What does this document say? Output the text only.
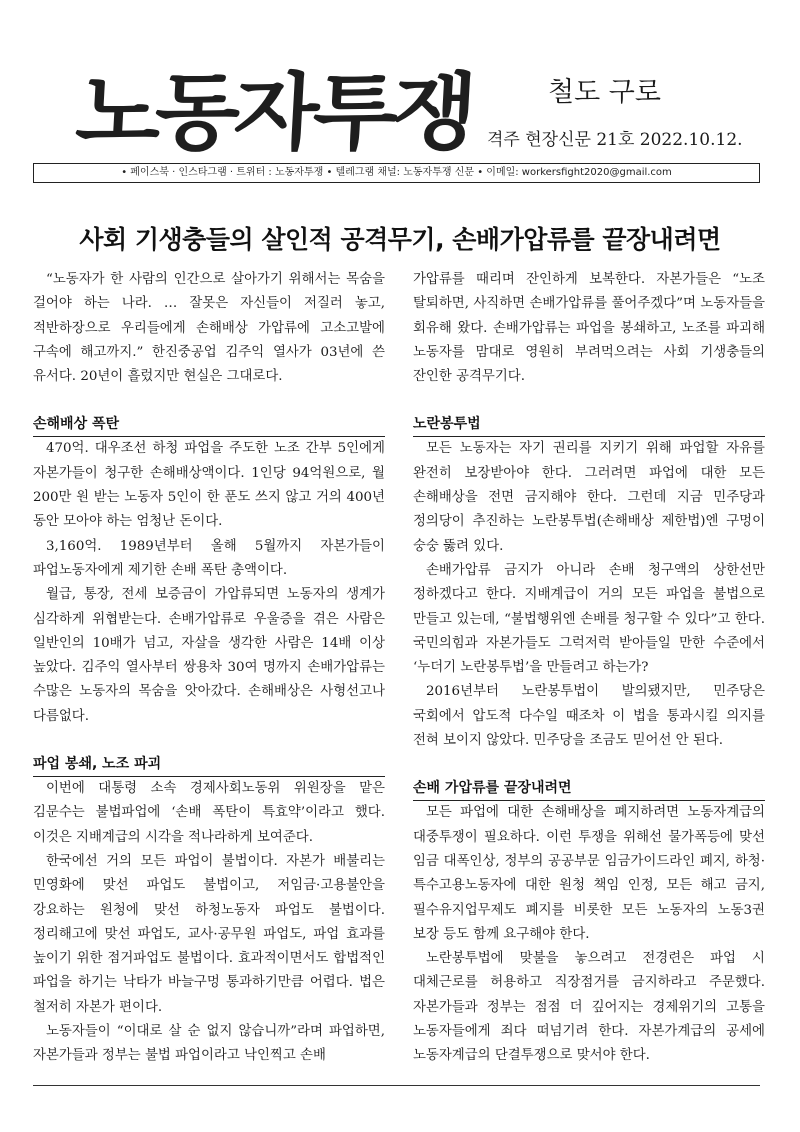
노동자투쟁	철도 구로
격주 현장신문 21호 2022.10.12.
• 페이스북 · 인스타그램 · 트위터 : 노동자투쟁 • 텔레그램 채널: 노동자투쟁 신문 • 이메일: workersfight2020@gmail.com
사회 기생충들의 살인적 공격무기, 손배가압류를 끝장내려면

“노동자가 한 사람의 인간으로 살아가기 위해서는 목숨을 걸어야 하는 나라. … 잘못은 자신들이 저질러 놓고, 적반하장으로 우리들에게 손해배상 가압류에 고소고발에 구속에 해고까지.” 한진중공업 김주익 열사가 03년에 쓴 유서다. 20년이 흘렀지만 현실은 그대로다.

손해배상 폭탄

470억. 대우조선 하청 파업을 주도한 노조 간부 5인에게 자본가들이 청구한 손해배상액이다. 1인당 94억원으로, 월 200만 원 받는 노동자 5인이 한 푼도 쓰지 않고 거의 400년 동안 모아야 하는 엄청난 돈이다.

3,160억. 1989년부터 올해 5월까지 자본가들이 파업노동자에게 제기한 손배 폭탄 총액이다.

월급, 통장, 전세 보증금이 가압류되면 노동자의 생계가 심각하게 위협받는다. 손배가압류로 우울증을 겪은 사람은 일반인의 10배가 넘고, 자살을 생각한 사람은 14배 이상 높았다. 김주익 열사부터 쌍용차 30여 명까지 손배가압류는 수많은 노동자의 목숨을 앗아갔다. 손해배상은 사형선고나 다름없다.

파업 봉쇄, 노조 파괴

이번에 대통령 소속 경제사회노동위 위원장을 맡은 김문수는 불법파업에 ‘손배 폭탄이 특효약’이라고 했다. 이것은 지배계급의 시각을 적나라하게 보여준다.

한국에선 거의 모든 파업이 불법이다. 자본가 배불리는 민영화에 맞선 파업도 불법이고, 저임금·고용불안을 강요하는 원청에 맞선 하청노동자 파업도 불법이다. 정리해고에 맞선 파업도, 교사·공무원 파업도, 파업 효과를 높이기 위한 점거파업도 불법이다. 효과적이면서도 합법적인 파업을 하기는 낙타가 바늘구멍 통과하기만큼 어렵다. 법은 철저히 자본가 편이다.

노동자들이 “이대로 살 순 없지 않습니까”라며 파업하면, 자본가들과 정부는 불법 파업이라고 낙인찍고 손배

가압류를 때리며 잔인하게 보복한다. 자본가들은 “노조 탈퇴하면, 사직하면 손배가압류를 풀어주겠다”며 노동자들을 회유해 왔다. 손배가압류는 파업을 봉쇄하고, 노조를 파괴해 노동자를 맘대로 영원히 부려먹으려는 사회 기생충들의 잔인한 공격무기다.

노란봉투법

모든 노동자는 자기 권리를 지키기 위해 파업할 자유를 완전히 보장받아야 한다. 그러려면 파업에 대한 모든 손해배상을 전면 금지해야 한다. 그런데 지금 민주당과 정의당이 추진하는 노란봉투법(손해배상 제한법)엔 구멍이 숭숭 뚫려 있다.

손배가압류 금지가 아니라 손배 청구액의 상한선만 정하겠다고 한다. 지배계급이 거의 모든 파업을 불법으로 만들고 있는데, “불법행위엔 손배를 청구할 수 있다”고 한다. 국민의힘과 자본가들도 그럭저럭 받아들일 만한 수준에서 ‘누더기 노란봉투법’을 만들려고 하는가?

2016년부터 노란봉투법이 발의됐지만, 민주당은 국회에서 압도적 다수일 때조차 이 법을 통과시킬 의지를 전혀 보이지 않았다. 민주당을 조금도 믿어선 안 된다.

손배 가압류를 끝장내려면

모든 파업에 대한 손해배상을 폐지하려면 노동자계급의 대중투쟁이 필요하다. 이런 투쟁을 위해선 물가폭등에 맞선 임금 대폭인상, 정부의 공공부문 임금가이드라인 폐지, 하청·특수고용노동자에 대한 원청 책임 인정, 모든 해고 금지, 필수유지업무제도 폐지를 비롯한 모든 노동자의 노동3권 보장 등도 함께 요구해야 한다.

노란봉투법에 맞불을 놓으려고 전경련은 파업 시 대체근로를 허용하고 직장점거를 금지하라고 주문했다. 자본가들과 정부는 점점 더 깊어지는 경제위기의 고통을 노동자들에게 죄다 떠넘기려 한다. 자본가계급의 공세에 노동자계급의 단결투쟁으로 맞서야 한다.
